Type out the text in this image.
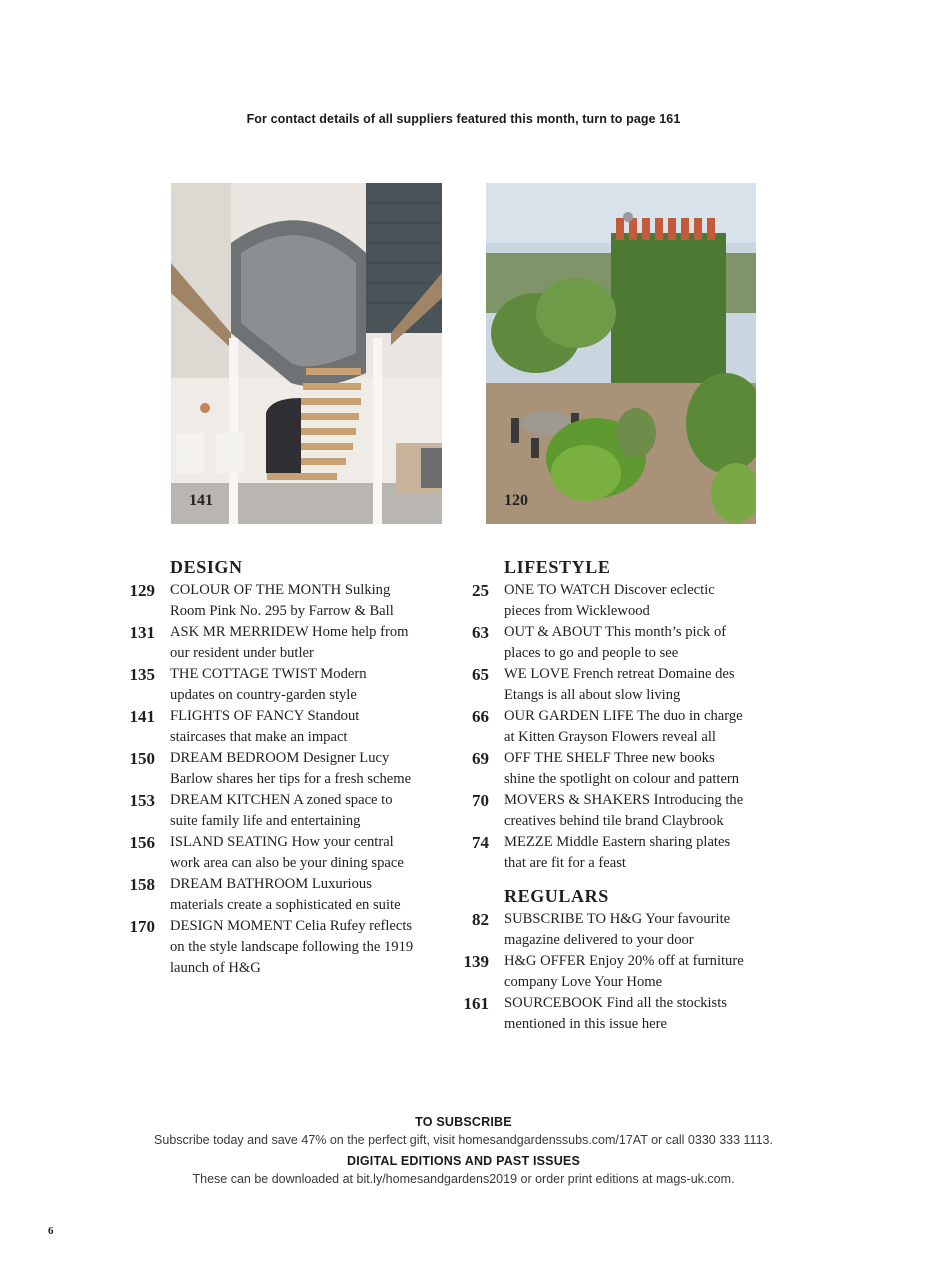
For contact details of all suppliers featured this month, turn to page 161
141	120
DESIGN
129 COLOUR OF THE MONTH Sulking
Room Pink No. 295 by Farrow & Ball
131 ASK MR MERRIDEW Home help from
our resident under butler
135 THE COTTAGE TWIST Modern
updates on country-garden style
141 FLIGHTS OF FANCY Standout
staircases that make an impact
150 DREAM BEDROOM Designer Lucy
Barlow shares her tips for a fresh scheme
153 DREAM KITCHEN A zoned space to
suite family life and entertaining
156 ISLAND SEATING How your central
work area can also be your dining space
158 DREAM BATHROOM Luxurious
materials create a sophisticated en suite
170 DESIGN MOMENT Celia Rufey reflects
on the style landscape following the 1919
launch of H&G
LIFESTYLE
25 ONE TO WATCH Discover eclectic
pieces from Wicklewood
63 OUT & ABOUT This month’s pick of
places to go and people to see
65 WE LOVE French retreat Domaine des
Etangs is all about slow living
66 OUR GARDEN LIFE The duo in charge
at Kitten Grayson Flowers reveal all
69 OFF THE SHELF Three new books
shine the spotlight on colour and pattern
70 MOVERS & SHAKERS Introducing the
creatives behind tile brand Claybrook
74 MEZZE Middle Eastern sharing plates
that are fit for a feast
REGULARS
82 SUBSCRIBE TO H&G Your favourite
magazine delivered to your door
139 H&G OFFER Enjoy 20% off at furniture
company Love Your Home
161 SOURCEBOOK Find all the stockists
mentioned in this issue here
TO SUBSCRIBE
Subscribe today and save 47% on the perfect gift, visit homesandgardenssubs.com/17AT or call 0330 333 1113.
DIGITAL EDITIONS AND PAST ISSUES
These can be downloaded at bit.ly/homesandgardens2019 or order print editions at mags-uk.com.
6
